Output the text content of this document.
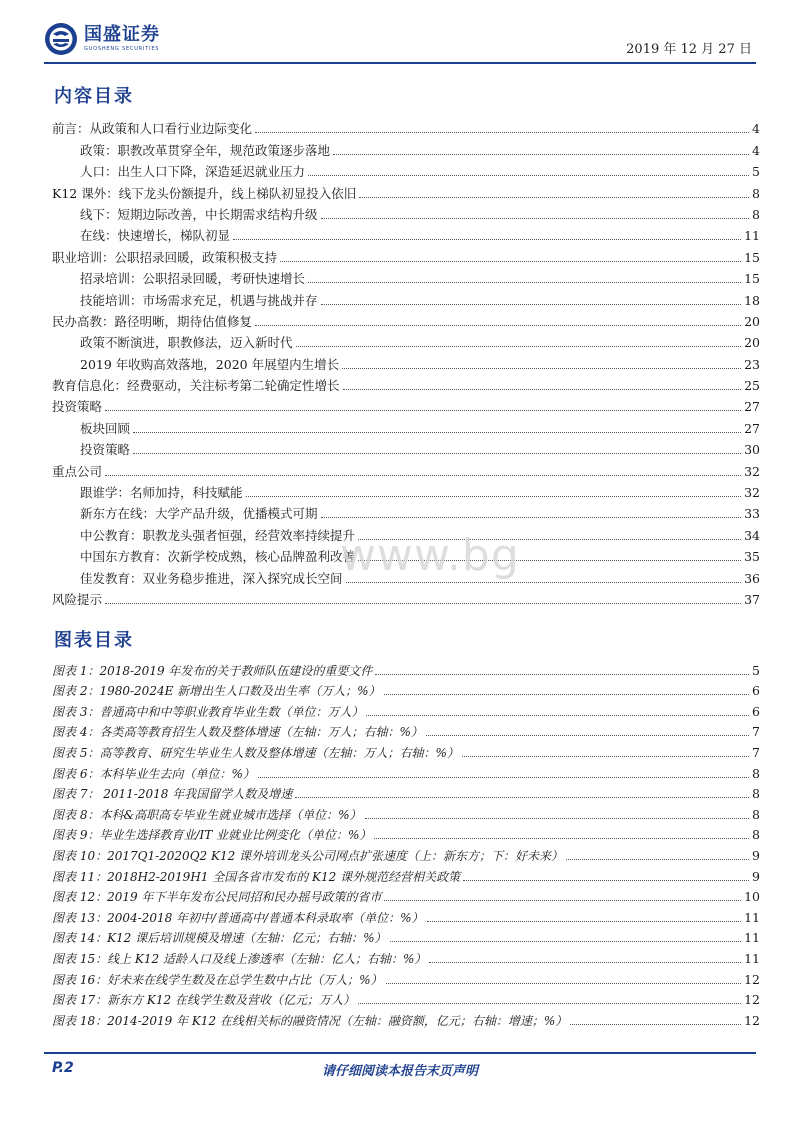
国盛证券
GUOSHENG SECURITIES	2019 年 12 月 27 日
内容目录
前言：从政策和人口看行业边际变化	4
政策：职教改革贯穿全年，规范政策逐步落地	4
人口：出生人口下降，深造延迟就业压力	5
K12 课外：线下龙头份额提升，线上梯队初显投入依旧	8
线下：短期边际改善，中长期需求结构升级	8
在线：快速增长，梯队初显	11
职业培训：公职招录回暖，政策积极支持	15
招录培训：公职招录回暖，考研快速增长	15
技能培训：市场需求充足，机遇与挑战并存	18
民办高教：路径明晰，期待估值修复	20
政策不断演进，职教修法，迈入新时代	20
2019 年收购高效落地，2020 年展望内生增长	23
教育信息化：经费驱动，关注标考第二轮确定性增长	25
投资策略	27
板块回顾	27
投资策略	30
重点公司	32
跟谁学：名师加持，科技赋能	32
新东方在线：大学产品升级，优播模式可期	33
中公教育：职教龙头强者恒强，经营效率持续提升	34
中国东方教育：次新学校成熟，核心品牌盈利改善	35
佳发教育：双业务稳步推进，深入探究成长空间	36
风险提示	37
www.bg
图表目录
图表 1：2018-2019 年发布的关于教师队伍建设的重要文件	5
图表 2：1980-2024E 新增出生人口数及出生率（万人；%）	6
图表 3：普通高中和中等职业教育毕业生数（单位：万人）	6
图表 4：各类高等教育招生人数及整体增速（左轴：万人；右轴：%）	7
图表 5：高等教育、研究生毕业生人数及整体增速（左轴：万人；右轴：%）	7
图表 6：本科毕业生去向（单位：%）	8
图表 7： 2011-2018 年我国留学人数及增速	8
图表 8：本科&高职高专毕业生就业城市选择（单位：%）	8
图表 9：毕业生选择教育业/IT 业就业比例变化（单位：%）	8
图表 10：2017Q1-2020Q2 K12 课外培训龙头公司网点扩张速度（上：新东方；下：好未来）	9
图表 11：2018H2-2019H1 全国各省市发布的 K12 课外规范经营相关政策	9
图表 12：2019 年下半年发布公民同招和民办摇号政策的省市	10
图表 13：2004-2018 年初中/普通高中/普通本科录取率（单位：%）	11
图表 14：K12 课后培训规模及增速（左轴：亿元；右轴：%）	11
图表 15：线上 K12 适龄人口及线上渗透率（左轴：亿人；右轴：%）	11
图表 16：好未来在线学生数及在总学生数中占比（万人；%）	12
图表 17：新东方 K12 在线学生数及营收（亿元；万人）	12
图表 18：2014-2019 年 K12 在线相关标的融资情况（左轴：融资额，亿元；右轴：增速；%）	12
P.2	请仔细阅读本报告末页声明
